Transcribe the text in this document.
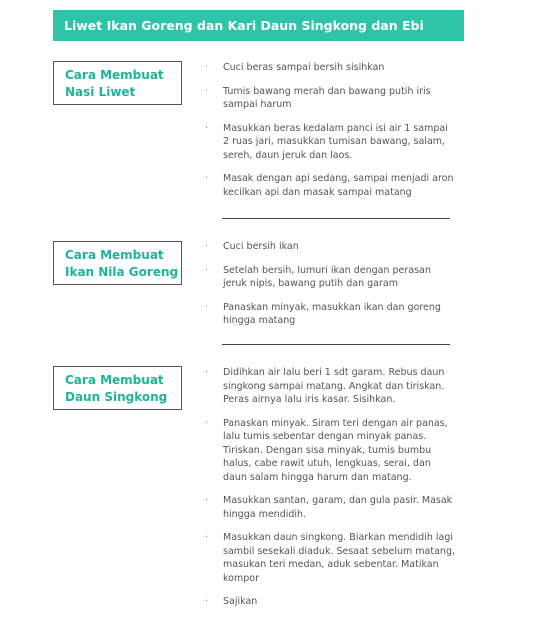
Liwet Ikan Goreng dan Kari Daun Singkong dan Ebi
Cara Membuat
Nasi Liwet
· Cuci beras sampai bersih sisihkan
· Tumis bawang merah dan bawang putih iris sampai harum
· Masukkan beras kedalam panci isi air 1 sampai 2 ruas jari, masukkan tumisan bawang, salam, sereh, daun jeruk dan laos.
· Masak dengan api sedang, sampai menjadi aron kecilkan api dan masak sampai matang
Cara Membuat
Ikan Nila Goreng
· Cuci bersih ikan
· Setelah bersih, lumuri ikan dengan perasan jeruk nipis, bawang putih dan garam
· Panaskan minyak, masukkan ikan dan goreng hingga matang
Cara Membuat
Daun Singkong
· Didihkan air lalu beri 1 sdt garam. Rebus daun singkong sampai matang. Angkat dan tiriskan. Peras airnya lalu iris kasar. Sisihkan.
· Panaskan minyak. Siram teri dengan air panas, lalu tumis sebentar dengan minyak panas. Tiriskan. Dengan sisa minyak, tumis bumbu halus, cabe rawit utuh, lengkuas, serai, dan daun salam hingga harum dan matang.
· Masukkan santan, garam, dan gula pasir. Masak hingga mendidih.
· Masukkan daun singkong. Biarkan mendidih lagi sambil sesekali diaduk. Sesaat sebelum matang, masukan teri medan, aduk sebentar. Matikan kompor
· Sajikan
